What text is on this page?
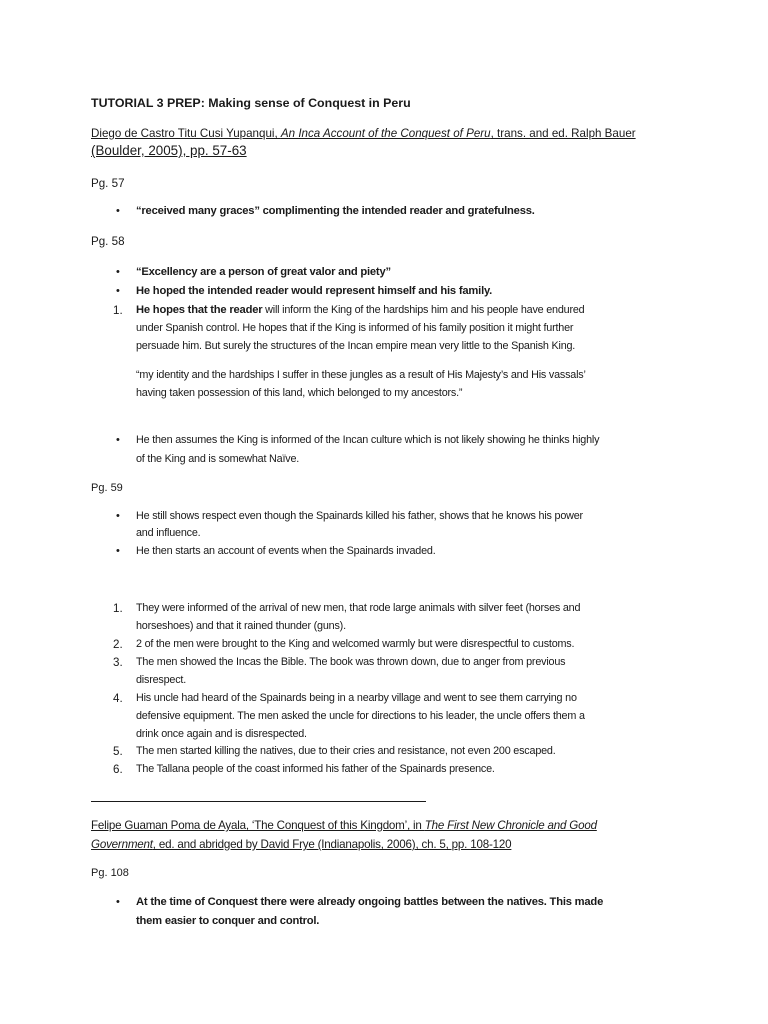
TUTORIAL 3 PREP: Making sense of Conquest in Peru
Diego de Castro Titu Cusi Yupanqui, An Inca Account of the Conquest of Peru, trans. and ed. Ralph Bauer
(Boulder, 2005), pp. 57-63
Pg. 57
• “received many graces” complimenting the intended reader and gratefulness.
Pg. 58
• “Excellency are a person of great valor and piety”
• He hoped the intended reader would represent himself and his family.
1. He hopes that the reader will inform the King of the hardships him and his people have endured
under Spanish control. He hopes that if the King is informed of his family position it might further
persuade him. But surely the structures of the Incan empire mean very little to the Spanish King.
“my identity and the hardships I suffer in these jungles as a result of His Majesty’s and His vassals’
having taken possession of this land, which belonged to my ancestors.”
• He then assumes the King is informed of the Incan culture which is not likely showing he thinks highly
of the King and is somewhat Naïve.
Pg. 59
• He still shows respect even though the Spainards killed his father, shows that he knows his power
and influence.
• He then starts an account of events when the Spainards invaded.
1. They were informed of the arrival of new men, that rode large animals with silver feet (horses and
horseshoes) and that it rained thunder (guns).
2. 2 of the men were brought to the King and welcomed warmly but were disrespectful to customs.
3. The men showed the Incas the Bible. The book was thrown down, due to anger from previous
disrespect.
4. His uncle had heard of the Spainards being in a nearby village and went to see them carrying no
defensive equipment. The men asked the uncle for directions to his leader, the uncle offers them a
drink once again and is disrespected.
5. The men started killing the natives, due to their cries and resistance, not even 200 escaped.
6. The Tallana people of the coast informed his father of the Spainards presence.
Felipe Guaman Poma de Ayala, ‘The Conquest of this Kingdom’, in The First New Chronicle and Good
Government, ed. and abridged by David Frye (Indianapolis, 2006), ch. 5, pp. 108-120
Pg. 108
• At the time of Conquest there were already ongoing battles between the natives. This made
them easier to conquer and control.
